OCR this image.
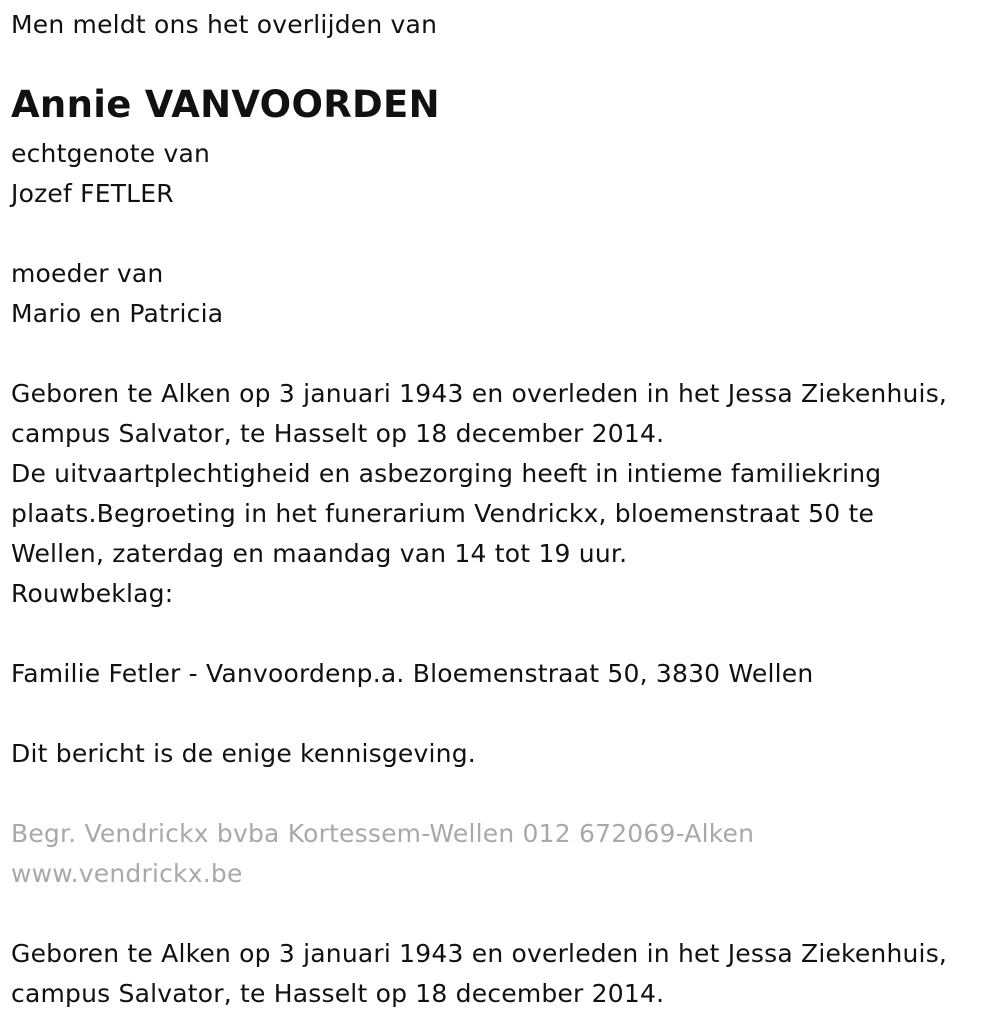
Men meldt ons het overlijden van
Annie VANVOORDEN
echtgenote van
Jozef FETLER
moeder van
Mario en Patricia
Geboren te Alken op 3 januari 1943 en overleden in het Jessa Ziekenhuis,
campus Salvator, te Hasselt op 18 december 2014.
De uitvaartplechtigheid en asbezorging heeft in intieme familiekring
plaats.Begroeting in het funerarium Vendrickx, bloemenstraat 50 te
Wellen, zaterdag en maandag van 14 tot 19 uur.
Rouwbeklag:
Familie Fetler - Vanvoordenp.a. Bloemenstraat 50, 3830 Wellen
Dit bericht is de enige kennisgeving.
Begr. Vendrickx bvba Kortessem-Wellen 012 672069-Alken
www.vendrickx.be
Geboren te Alken op 3 januari 1943 en overleden in het Jessa Ziekenhuis,
campus Salvator, te Hasselt op 18 december 2014.
